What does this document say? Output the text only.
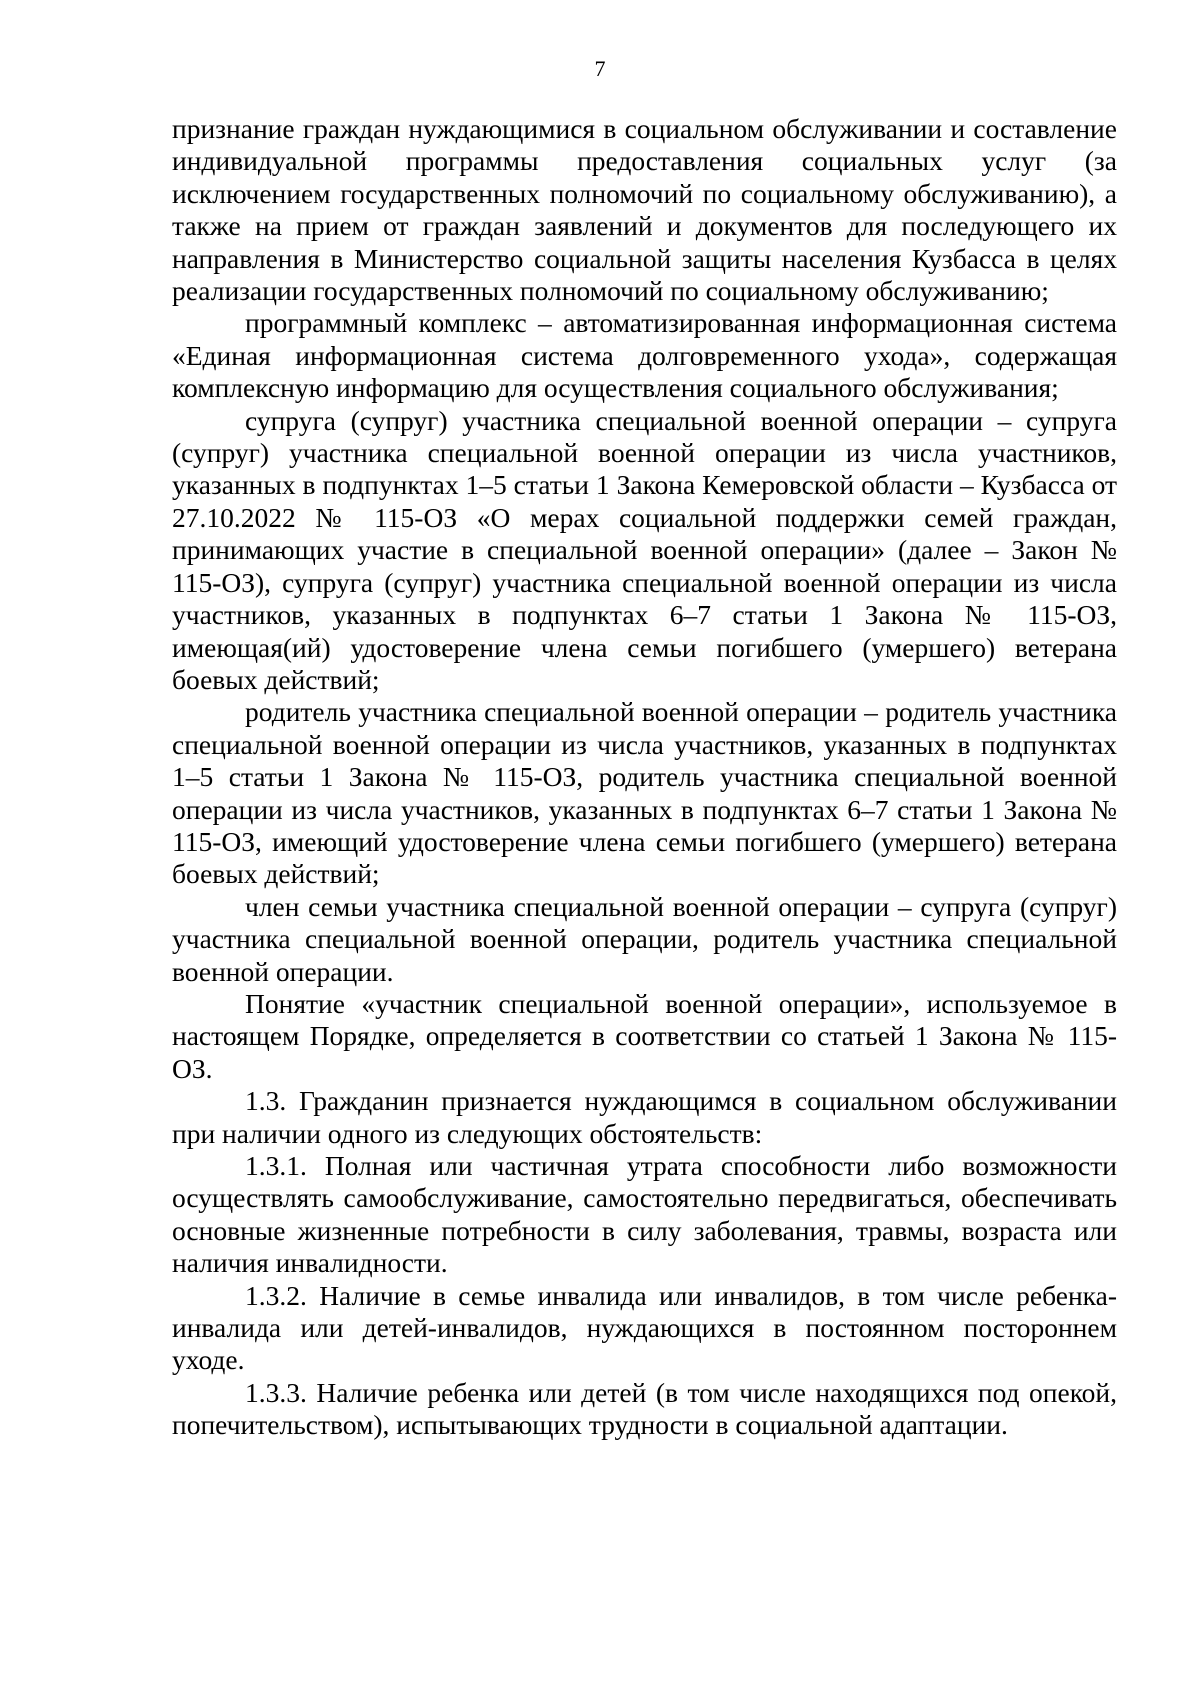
7

признание граждан нуждающимися в социальном обслуживании и составление индивидуальной программы предоставления социальных услуг (за исключением государственных полномочий по социальному обслуживанию), а также на прием от граждан заявлений и документов для последующего их направления в Министерство социальной защиты населения Кузбасса в целях реализации государственных полномочий по социальному обслуживанию;

программный комплекс – автоматизированная информационная система «Единая информационная система долговременного ухода», содержащая комплексную информацию для осуществления социального обслуживания;

супруга (супруг) участника специальной военной операции – супруга (супруг) участника специальной военной операции из числа участников, указанных в подпунктах 1–5 статьи 1 Закона Кемеровской области – Кузбасса от 27.10.2022 № 115-ОЗ «О мерах социальной поддержки семей граждан, принимающих участие в специальной военной операции» (далее – Закон № 115-ОЗ), супруга (супруг) участника специальной военной операции из числа участников, указанных в подпунктах 6–7 статьи 1 Закона № 115-ОЗ, имеющая(ий) удостоверение члена семьи погибшего (умершего) ветерана боевых действий;

родитель участника специальной военной операции – родитель участника специальной военной операции из числа участников, указанных в подпунктах 1–5 статьи 1 Закона № 115-ОЗ, родитель участника специальной военной операции из числа участников, указанных в подпунктах 6–7 статьи 1 Закона № 115-ОЗ, имеющий удостоверение члена семьи погибшего (умершего) ветерана боевых действий;

член семьи участника специальной военной операции – супруга (супруг) участника специальной военной операции, родитель участника специальной военной операции.

Понятие «участник специальной военной операции», используемое в настоящем Порядке, определяется в соответствии со статьей 1 Закона № 115-ОЗ.

1.3. Гражданин признается нуждающимся в социальном обслуживании при наличии одного из следующих обстоятельств:

1.3.1. Полная или частичная утрата способности либо возможности осуществлять самообслуживание, самостоятельно передвигаться, обеспечивать основные жизненные потребности в силу заболевания, травмы, возраста или наличия инвалидности.

1.3.2. Наличие в семье инвалида или инвалидов, в том числе ребенка-инвалида или детей-инвалидов, нуждающихся в постоянном постороннем уходе.

1.3.3. Наличие ребенка или детей (в том числе находящихся под опекой, попечительством), испытывающих трудности в социальной адаптации.
